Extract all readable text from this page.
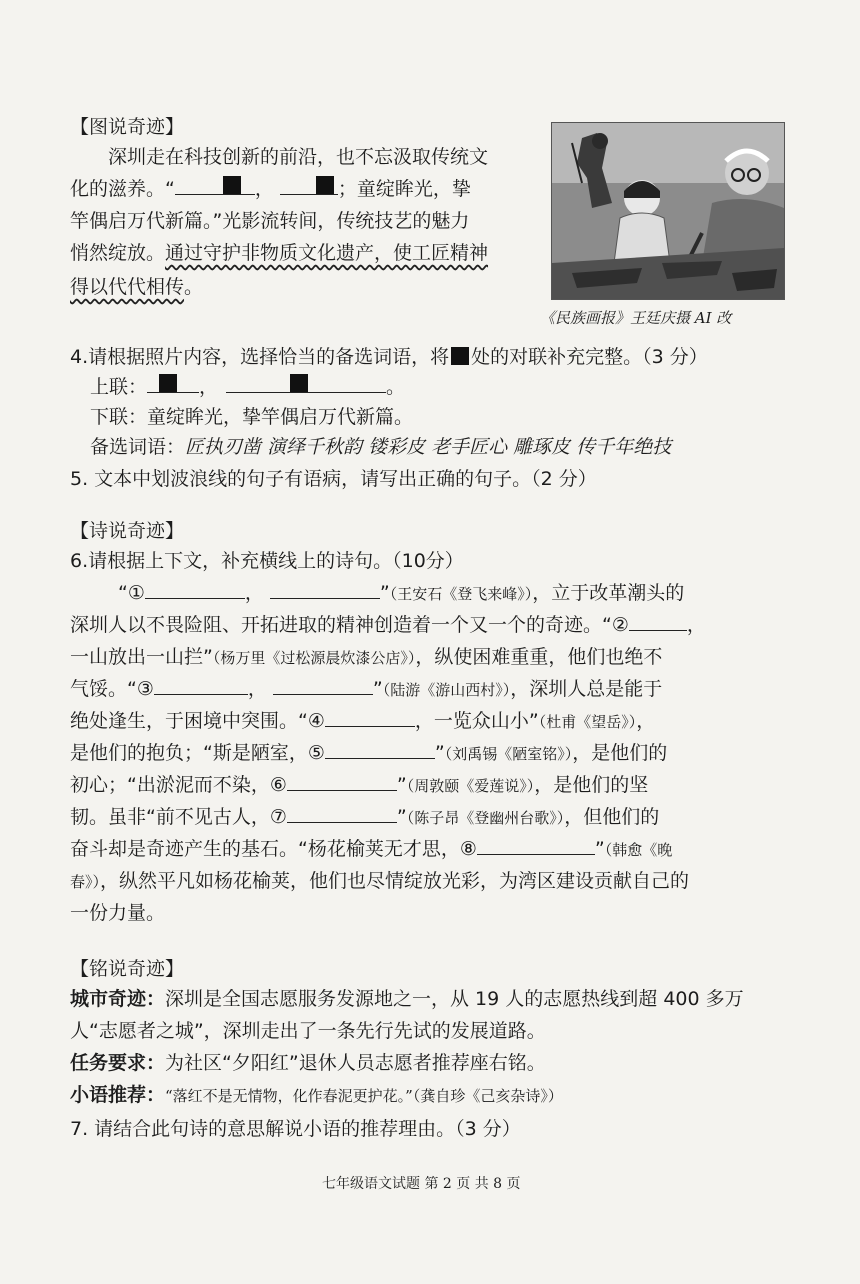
【图说奇迹】
深圳走在科技创新的前沿，也不忘汲取传统文
化的滋养。“	，	；童绽眸光，挚
竿偶启万代新篇。”光影流转间，传统技艺的魅力
悄然绽放。通过守护非物质文化遗产，使工匠精神
得以代代相传。
《民族画报》王廷庆摄 AI 改
4.请根据照片内容，选择恰当的备选词语，将 处的对联补充完整。（3 分）
上联：	，	。
下联：童绽眸光，挚竿偶启万代新篇。
备选词语：匠执刃凿 演绎千秋韵 镂彩皮 老手匠心 雕琢皮 传千年绝技
5. 文本中划波浪线的句子有语病，请写出正确的句子。（2 分）
【诗说奇迹】
6.请根据上下文，补充横线上的诗句。（10分）
“①	，	”（王安石《登飞来峰》），立于改革潮头的
深圳人以不畏险阻、开拓进取的精神创造着一个又一个的奇迹。“②	，
一山放出一山拦”（杨万里《过松源晨炊漆公店》），纵使困难重重，他们也绝不
气馁。“③	，	”（陆游《游山西村》），深圳人总是能于
绝处逢生，于困境中突围。“④	，一览众山小”（杜甫《望岳》），
是他们的抱负；“斯是陋室，⑤	”（刘禹锡《陋室铭》），是他们的
初心；“出淤泥而不染，⑥	”（周敦颐《爱莲说》），是他们的坚
韧。虽非“前不见古人，⑦	”（陈子昂《登幽州台歌》），但他们的
奋斗却是奇迹产生的基石。“杨花榆荚无才思，⑧	”（韩愈《晚
春》），纵然平凡如杨花榆荚，他们也尽情绽放光彩，为湾区建设贡献自己的
一份力量。
【铭说奇迹】
城市奇迹：深圳是全国志愿服务发源地之一，从 19 人的志愿热线到超 400 多万
人“志愿者之城”，深圳走出了一条先行先试的发展道路。
任务要求：为社区“夕阳红”退休人员志愿者推荐座右铭。
小语推荐：“落红不是无情物，化作春泥更护花。”（龚自珍《己亥杂诗》）
7. 请结合此句诗的意思解说小语的推荐理由。（3 分）
七年级语文试题 第 2 页 共 8 页
